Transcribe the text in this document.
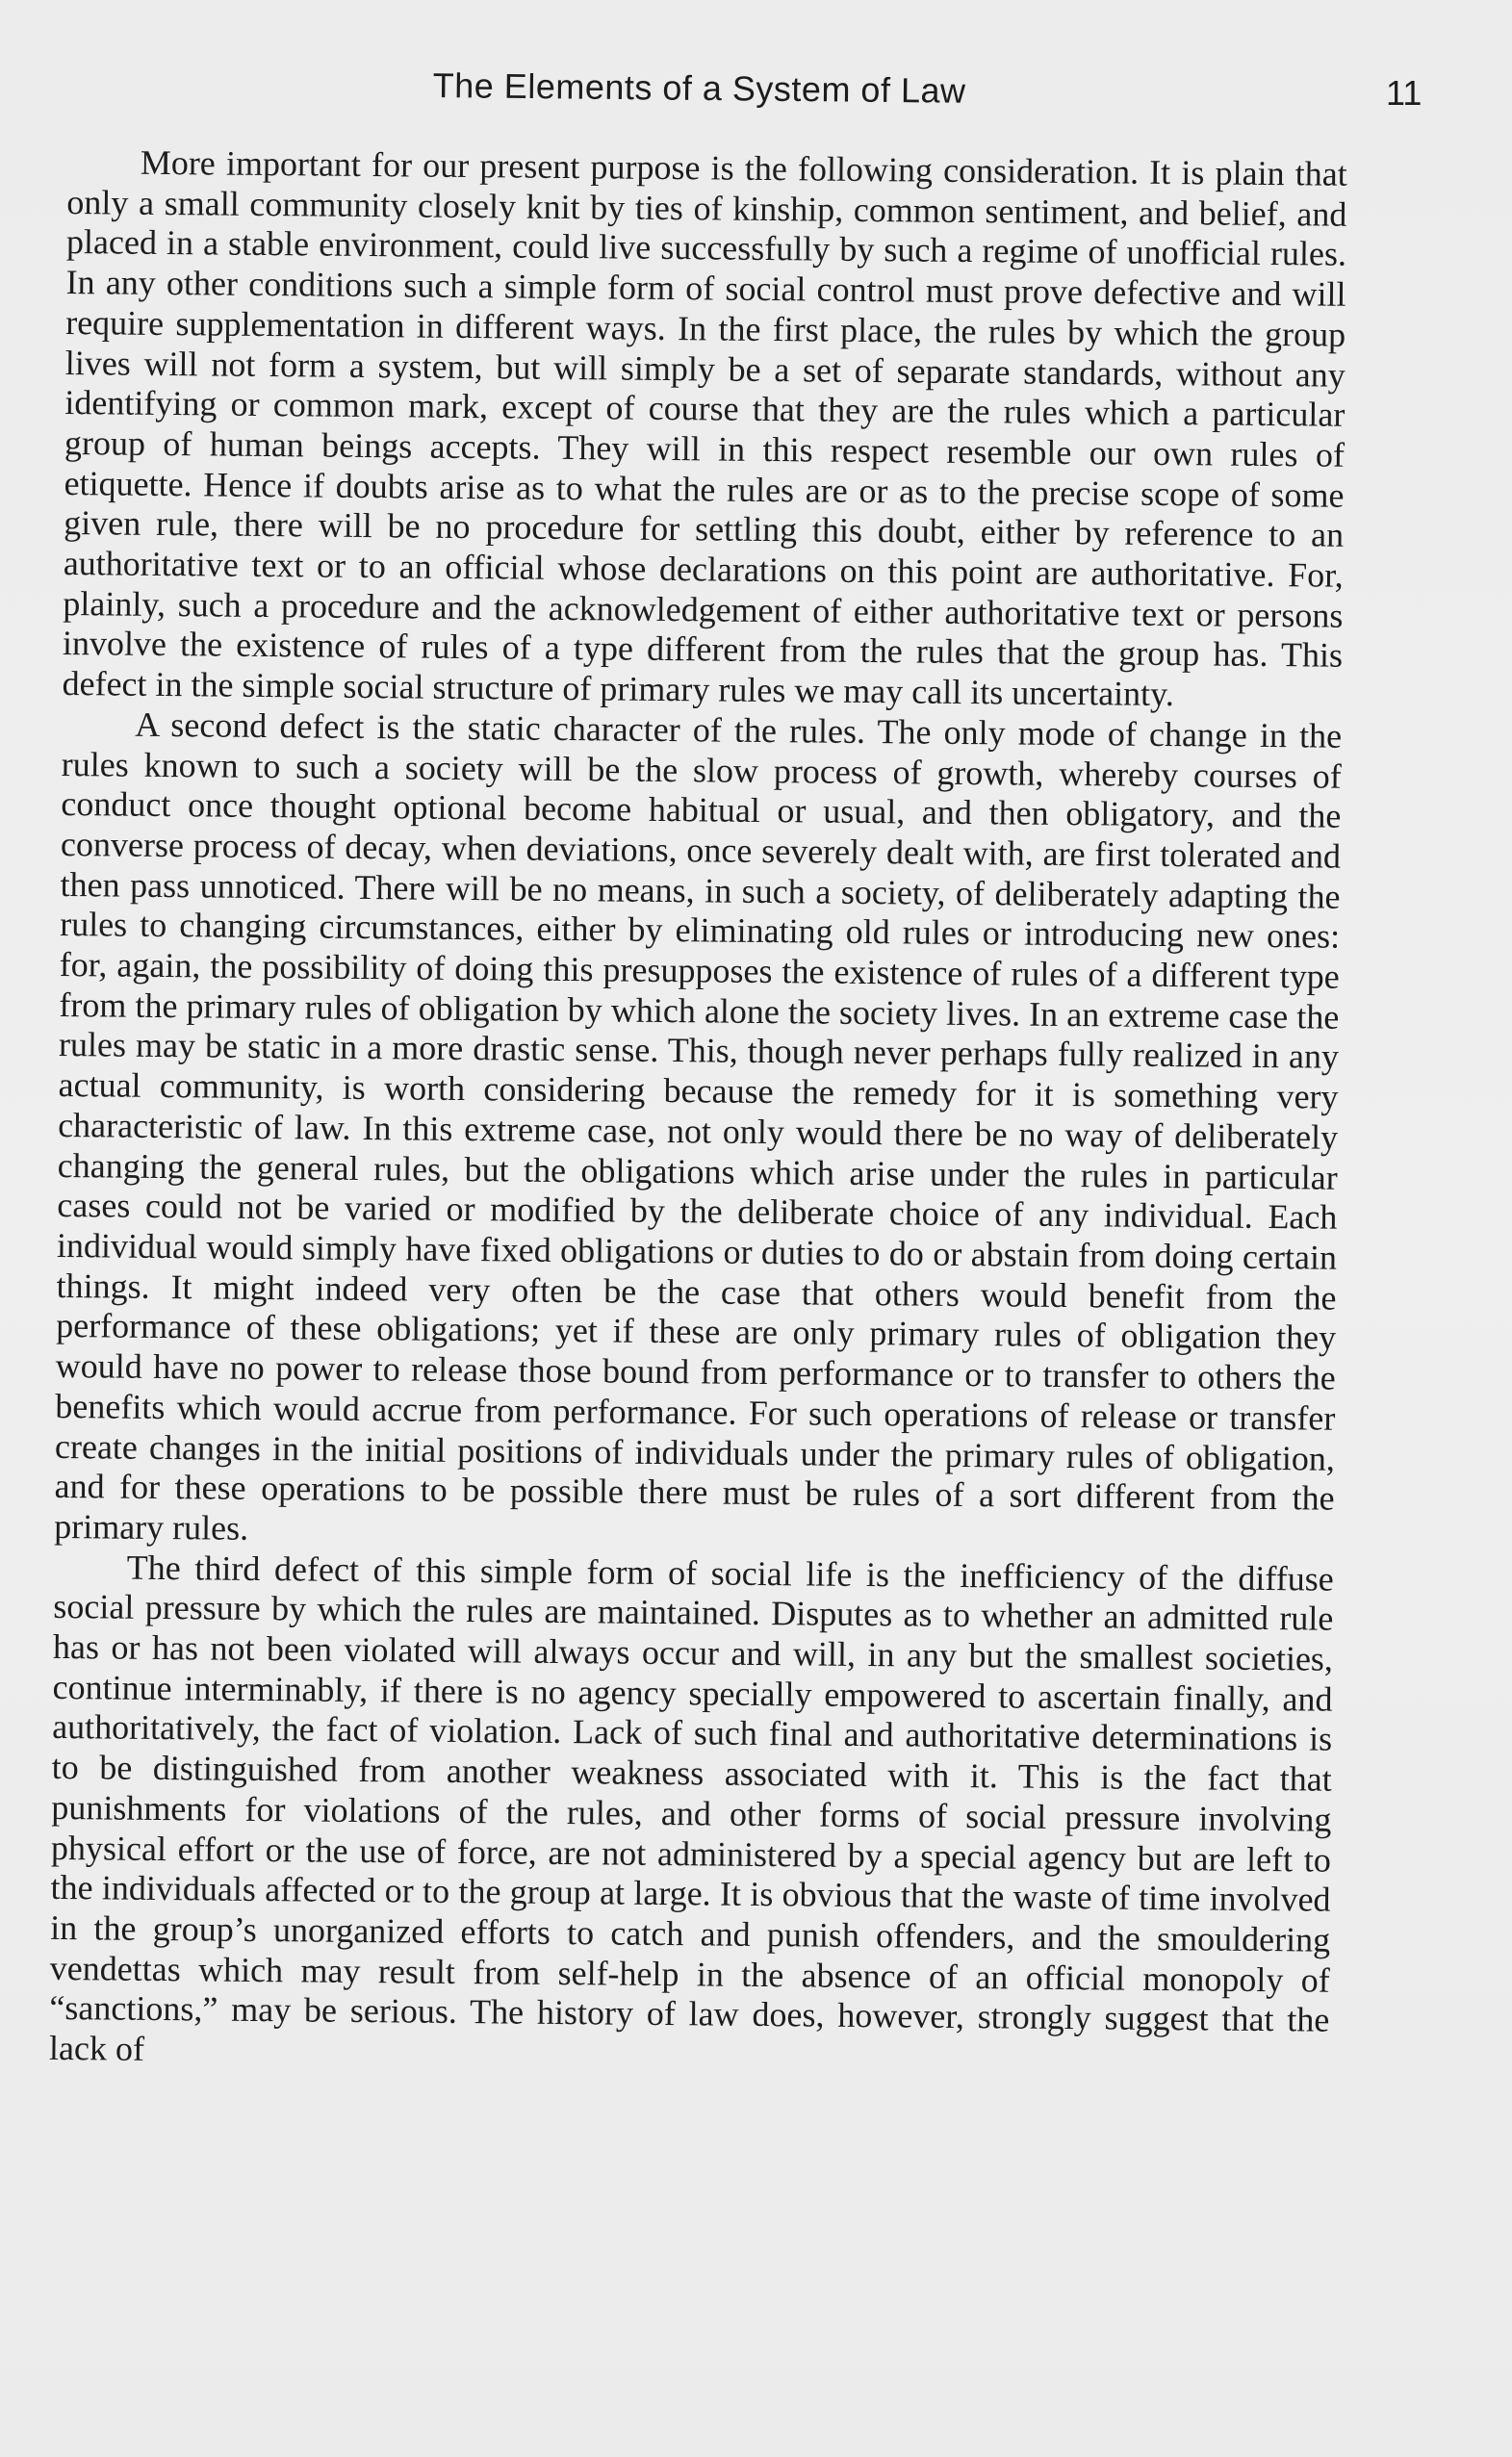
The Elements of a System of Law	11

More important for our present purpose is the following consideration. It is plain that only a small community closely knit by ties of kinship, common sentiment, and belief, and placed in a stable environment, could live successfully by such a regime of unofficial rules. In any other conditions such a simple form of social control must prove defective and will require supplementation in different ways. In the first place, the rules by which the group lives will not form a system, but will simply be a set of separate standards, without any identifying or common mark, except of course that they are the rules which a particular group of human beings accepts. They will in this respect resemble our own rules of etiquette. Hence if doubts arise as to what the rules are or as to the precise scope of some given rule, there will be no procedure for settling this doubt, either by reference to an authoritative text or to an official whose declarations on this point are authoritative. For, plainly, such a procedure and the acknowledgement of either authoritative text or persons involve the existence of rules of a type different from the rules that the group has. This defect in the simple social structure of primary rules we may call its uncertainty.

A second defect is the static character of the rules. The only mode of change in the rules known to such a society will be the slow process of growth, whereby courses of conduct once thought optional become habitual or usual, and then obligatory, and the converse process of decay, when deviations, once severely dealt with, are first tolerated and then pass unnoticed. There will be no means, in such a society, of deliberately adapting the rules to changing circumstances, either by eliminating old rules or introducing new ones: for, again, the possibility of doing this presupposes the existence of rules of a different type from the primary rules of obligation by which alone the society lives. In an extreme case the rules may be static in a more drastic sense. This, though never perhaps fully realized in any actual community, is worth considering because the remedy for it is something very characteristic of law. In this extreme case, not only would there be no way of deliberately changing the general rules, but the obligations which arise under the rules in particular cases could not be varied or modified by the deliberate choice of any individual. Each individual would simply have fixed obligations or duties to do or abstain from doing certain things. It might indeed very often be the case that others would benefit from the performance of these obligations; yet if these are only primary rules of obligation they would have no power to release those bound from performance or to transfer to others the benefits which would accrue from performance. For such operations of release or transfer create changes in the initial positions of individuals under the primary rules of obligation, and for these operations to be possible there must be rules of a sort different from the primary rules.

The third defect of this simple form of social life is the inefficiency of the diffuse social pressure by which the rules are maintained. Disputes as to whether an admitted rule has or has not been violated will always occur and will, in any but the smallest societies, continue interminably, if there is no agency specially empowered to ascertain finally, and authoritatively, the fact of violation. Lack of such final and authoritative determinations is to be distinguished from another weakness associated with it. This is the fact that punishments for violations of the rules, and other forms of social pressure involving physical effort or the use of force, are not administered by a special agency but are left to the individuals affected or to the group at large. It is obvious that the waste of time involved in the group’s unorganized efforts to catch and punish offenders, and the smouldering vendettas which may result from self-help in the absence of an official monopoly of “sanctions,” may be serious. The history of law does, however, strongly suggest that the lack of
